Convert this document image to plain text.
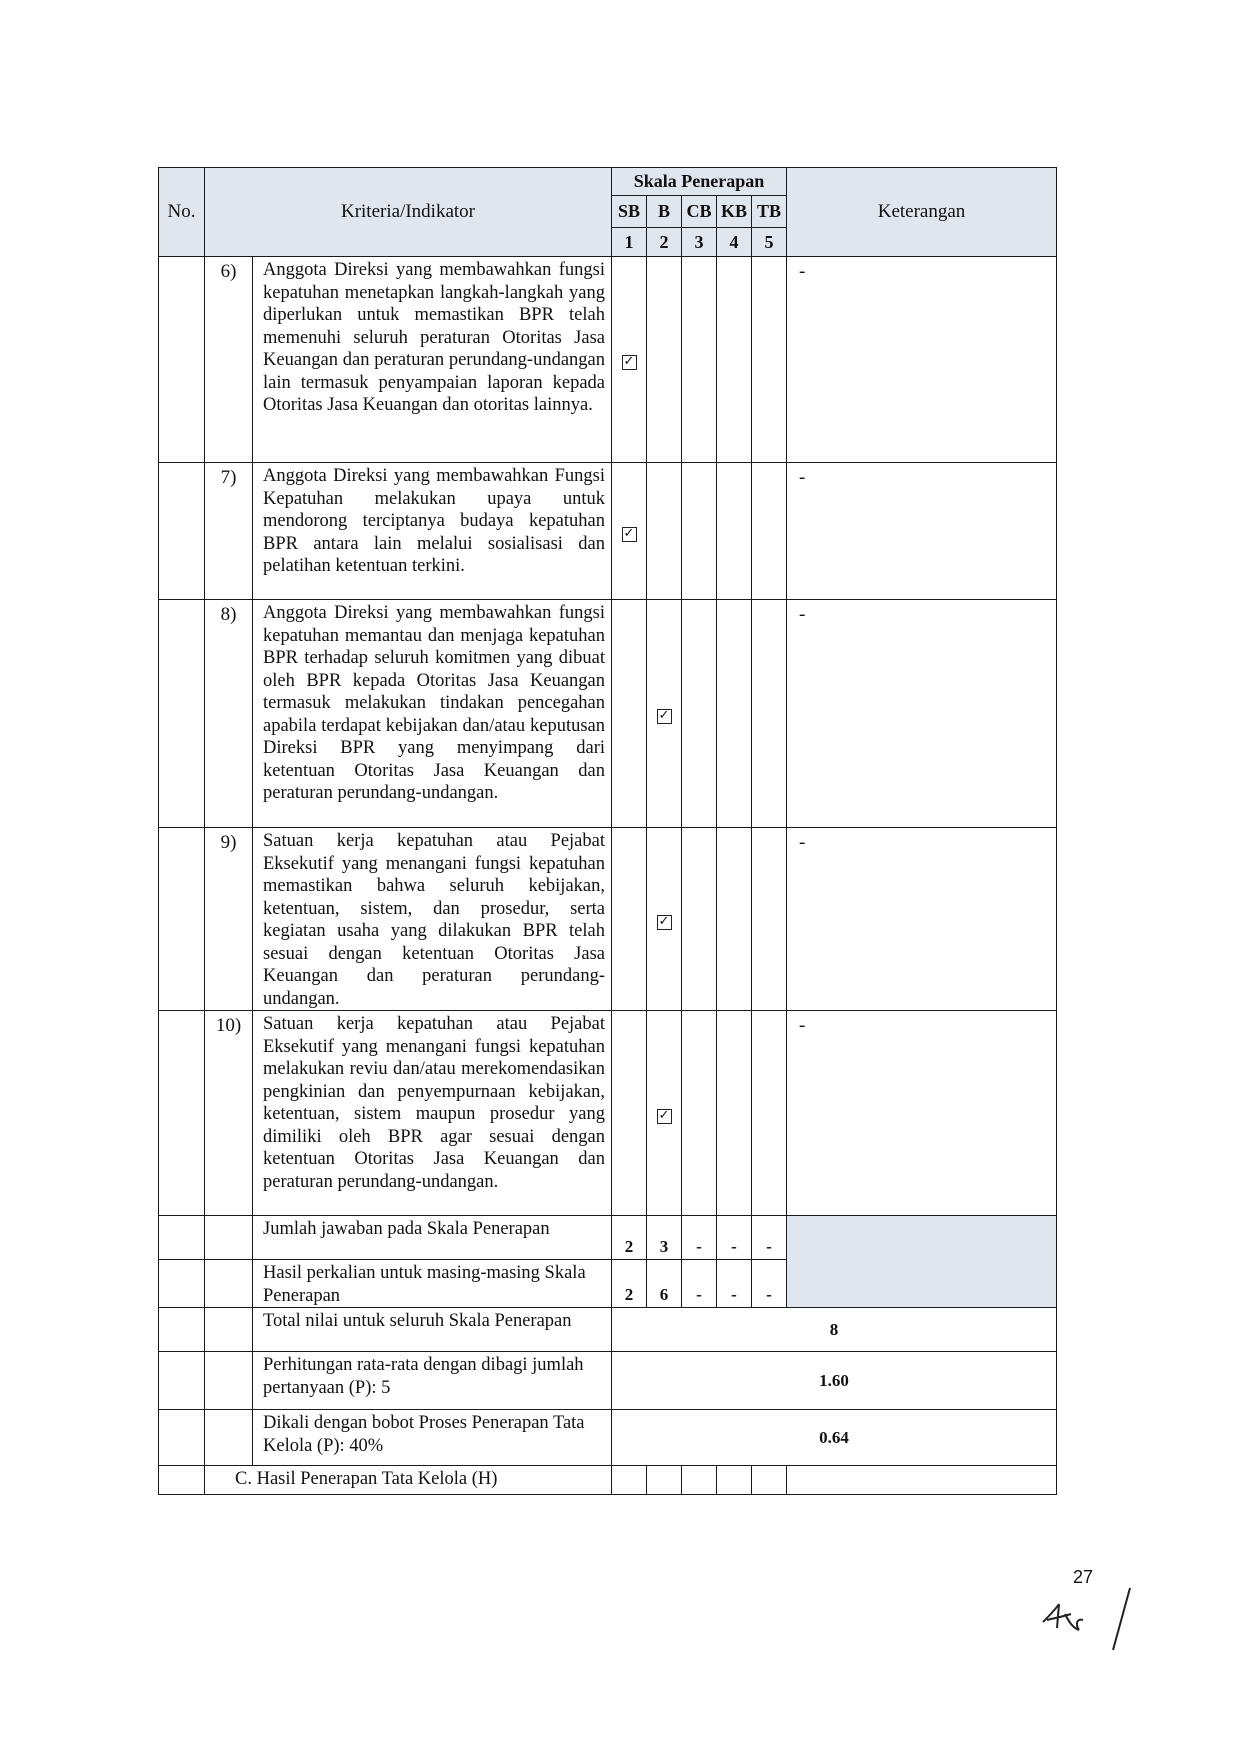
No.	Kriteria/Indikator		Skala Penerapan					Keterangan
			SB	B	CB	KB	TB	
			1	2	3	4	5	
	6)	Anggota Direksi yang membawahkan fungsi kepatuhan menetapkan langkah-langkah yang diperlukan untuk memastikan BPR telah memenuhi seluruh peraturan Otoritas Jasa Keuangan dan peraturan perundang-undangan lain termasuk penyampaian laporan kepada Otoritas Jasa Keuangan dan otoritas lainnya.	✓					-
	7)	Anggota Direksi yang membawahkan Fungsi Kepatuhan melakukan upaya untuk mendorong terciptanya budaya kepatuhan BPR antara lain melalui sosialisasi dan pelatihan ketentuan terkini.	✓					-
	8)	Anggota Direksi yang membawahkan fungsi kepatuhan memantau dan menjaga kepatuhan BPR terhadap seluruh komitmen yang dibuat oleh BPR kepada Otoritas Jasa Keuangan termasuk melakukan tindakan pencegahan apabila terdapat kebijakan dan/atau keputusan Direksi BPR yang menyimpang dari ketentuan Otoritas Jasa Keuangan dan peraturan perundang-undangan.		✓				-
	9)	Satuan kerja kepatuhan atau Pejabat Eksekutif yang menangani fungsi kepatuhan memastikan bahwa seluruh kebijakan, ketentuan, sistem, dan prosedur, serta kegiatan usaha yang dilakukan BPR telah sesuai dengan ketentuan Otoritas Jasa Keuangan dan peraturan perundang-undangan.		✓				-
	10)	Satuan kerja kepatuhan atau Pejabat Eksekutif yang menangani fungsi kepatuhan melakukan reviu dan/atau merekomendasikan pengkinian dan penyempurnaan kebijakan, ketentuan, sistem maupun prosedur yang dimiliki oleh BPR agar sesuai dengan ketentuan Otoritas Jasa Keuangan dan peraturan perundang-undangan.		✓				-
		Jumlah jawaban pada Skala Penerapan	2	3	-	-	-	
		Hasil perkalian untuk masing-masing Skala Penerapan	2	6	-	-	-	
		Total nilai untuk seluruh Skala Penerapan	8					
		Perhitungan rata-rata dengan dibagi jumlah pertanyaan (P): 5	1.60					
		Dikali dengan bobot Proses Penerapan Tata Kelola (P): 40%	0.64					
	C. Hasil Penerapan Tata Kelola (H)							
27
